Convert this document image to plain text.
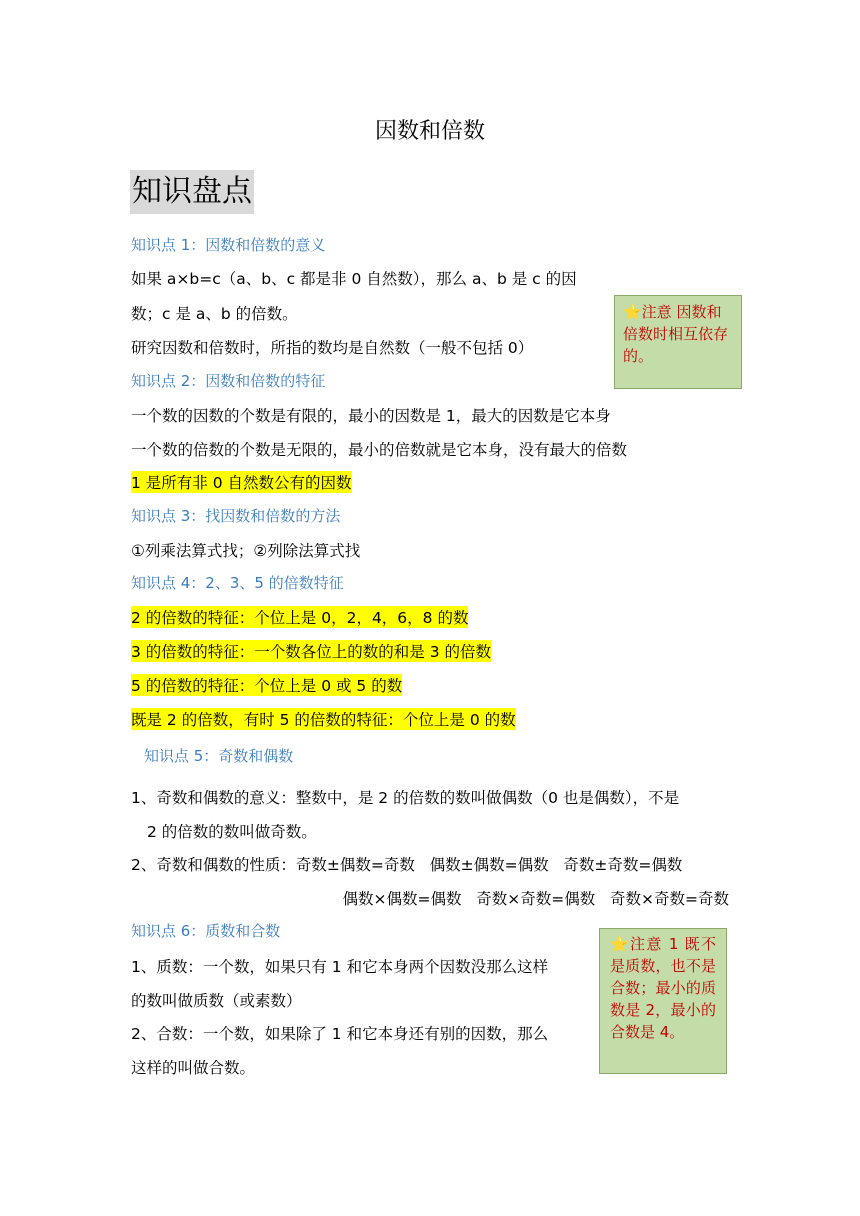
因数和倍数
知识盘点
知识点 1：因数和倍数的意义
如果 a×b=c（a、b、c 都是非 0 自然数），那么 a、b 是 c 的因
数；c 是 a、b 的倍数。
研究因数和倍数时，所指的数均是自然数（一般不包括 0）
⭐注意 因数和倍数时相互依存的。
知识点 2：因数和倍数的特征
一个数的因数的个数是有限的，最小的因数是 1，最大的因数是它本身
一个数的倍数的个数是无限的，最小的倍数就是它本身，没有最大的倍数
1 是所有非 0 自然数公有的因数
知识点 3：找因数和倍数的方法
①列乘法算式找；②列除法算式找
知识点 4：2、3、5 的倍数特征
2 的倍数的特征：个位上是 0，2，4，6，8 的数
3 的倍数的特征：一个数各位上的数的和是 3 的倍数
5 的倍数的特征：个位上是 0 或 5 的数
既是 2 的倍数，有时 5 的倍数的特征：个位上是 0 的数
知识点 5：奇数和偶数
1、奇数和偶数的意义：整数中，是 2 的倍数的数叫做偶数（0 也是偶数），不是
2 的倍数的数叫做奇数。
2、奇数和偶数的性质：奇数±偶数=奇数   偶数±偶数=偶数   奇数±奇数=偶数
偶数×偶数=偶数   奇数×奇数=偶数   奇数×奇数=奇数
知识点 6：质数和合数
1、质数：一个数，如果只有 1 和它本身两个因数没那么这样
的数叫做质数（或素数）
2、合数：一个数，如果除了 1 和它本身还有别的因数，那么
这样的叫做合数。
⭐注意 1 既不是质数，也不是合数；最小的质数是 2，最小的合数是 4。
